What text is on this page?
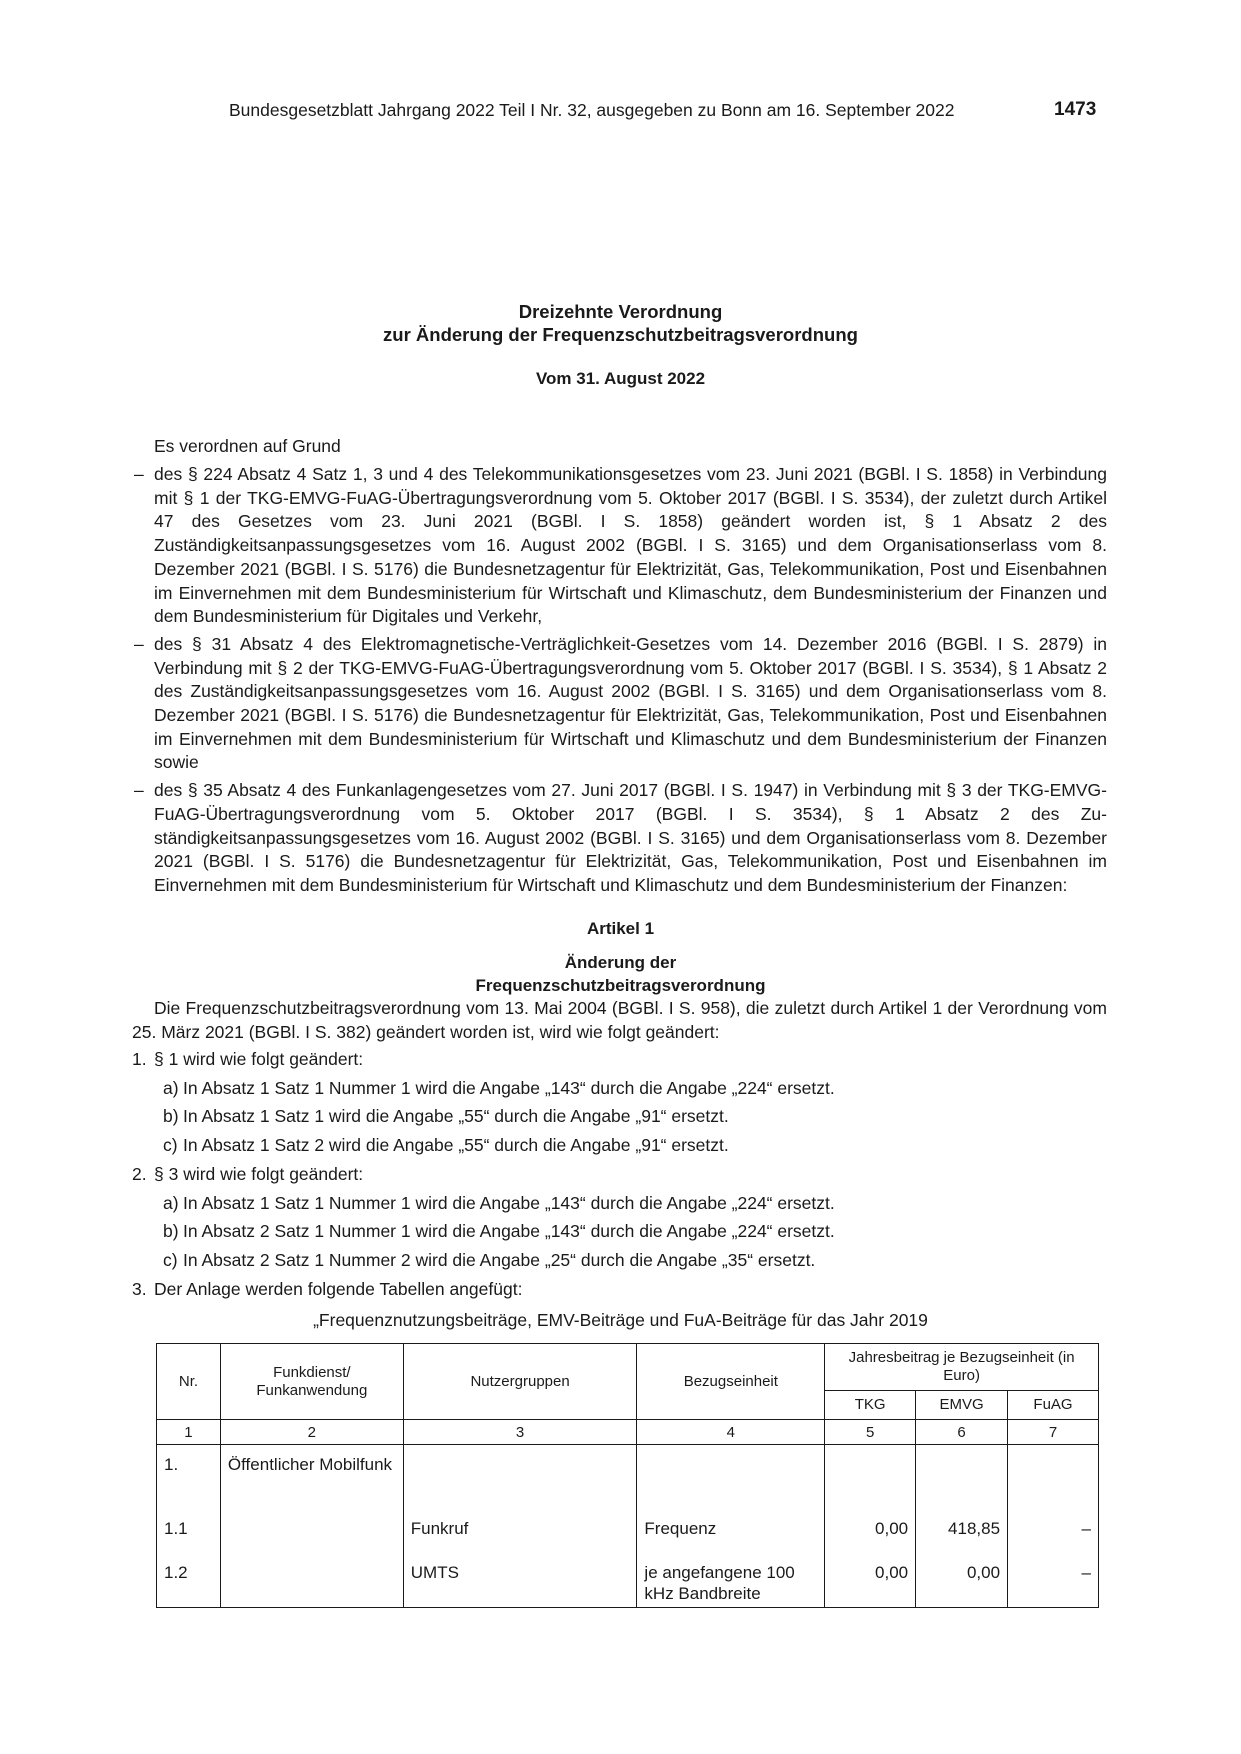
Bundesgesetzblatt Jahrgang 2022 Teil I Nr. 32, ausgegeben zu Bonn am 16. September 2022	1473
Dreizehnte Verordnung
zur Änderung der Frequenzschutzbeitragsverordnung
Vom 31. August 2022
Es verordnen auf Grund
– des § 224 Absatz 4 Satz 1, 3 und 4 des Telekommunikationsgesetzes vom 23. Juni 2021 (BGBl. I S. 1858) in Verbindung mit § 1 der TKG-EMVG-FuAG-Übertragungsverordnung vom 5. Oktober 2017 (BGBl. I S. 3534), der zuletzt durch Artikel 47 des Gesetzes vom 23. Juni 2021 (BGBl. I S. 1858) geändert worden ist, § 1 Absatz 2 des Zuständigkeitsanpassungsgesetzes vom 16. August 2002 (BGBl. I S. 3165) und dem Organisationserlass vom 8. Dezember 2021 (BGBl. I S. 5176) die Bundesnetzagentur für Elektrizität, Gas, Telekommunikation, Post und Eisenbahnen im Einvernehmen mit dem Bundesministerium für Wirtschaft und Klimaschutz, dem Bundesministerium der Finanzen und dem Bundesministerium für Digitales und Verkehr,
– des § 31 Absatz 4 des Elektromagnetische-Verträglichkeit-Gesetzes vom 14. Dezember 2016 (BGBl. I S. 2879) in Verbindung mit § 2 der TKG-EMVG-FuAG-Übertragungsverordnung vom 5. Oktober 2017 (BGBl. I S. 3534), § 1 Absatz 2 des Zuständigkeitsanpassungsgesetzes vom 16. August 2002 (BGBl. I S. 3165) und dem Organisationserlass vom 8. Dezember 2021 (BGBl. I S. 5176) die Bundesnetzagentur für Elektrizität, Gas, Telekommunikation, Post und Eisenbahnen im Einvernehmen mit dem Bundesministerium für Wirtschaft und Klimaschutz und dem Bundesministerium der Finanzen sowie
– des § 35 Absatz 4 des Funkanlagengesetzes vom 27. Juni 2017 (BGBl. I S. 1947) in Verbindung mit § 3 der TKG-EMVG-FuAG-Übertragungsverordnung vom 5. Oktober 2017 (BGBl. I S. 3534), § 1 Absatz 2 des Zuständigkeitsanpassungsgesetzes vom 16. August 2002 (BGBl. I S. 3165) und dem Organisationserlass vom 8. Dezember 2021 (BGBl. I S. 5176) die Bundesnetzagentur für Elektrizität, Gas, Telekommunikation, Post und Eisenbahnen im Einvernehmen mit dem Bundesministerium für Wirtschaft und Klimaschutz und dem Bundesministerium der Finanzen:
Artikel 1
Änderung der
Frequenzschutzbeitragsverordnung
Die Frequenzschutzbeitragsverordnung vom 13. Mai 2004 (BGBl. I S. 958), die zuletzt durch Artikel 1 der Verordnung vom 25. März 2021 (BGBl. I S. 382) geändert worden ist, wird wie folgt geändert:
1. § 1 wird wie folgt geändert:
a) In Absatz 1 Satz 1 Nummer 1 wird die Angabe „143“ durch die Angabe „224“ ersetzt.
b) In Absatz 1 Satz 1 wird die Angabe „55“ durch die Angabe „91“ ersetzt.
c) In Absatz 1 Satz 2 wird die Angabe „55“ durch die Angabe „91“ ersetzt.
2. § 3 wird wie folgt geändert:
a) In Absatz 1 Satz 1 Nummer 1 wird die Angabe „143“ durch die Angabe „224“ ersetzt.
b) In Absatz 2 Satz 1 Nummer 1 wird die Angabe „143“ durch die Angabe „224“ ersetzt.
c) In Absatz 2 Satz 1 Nummer 2 wird die Angabe „25“ durch die Angabe „35“ ersetzt.
3. Der Anlage werden folgende Tabellen angefügt:
„Frequenznutzungsbeiträge, EMV-Beiträge und FuA-Beiträge für das Jahr 2019
Nr.	Funkdienst/ Funkanwendung	Nutzergruppen	Bezugseinheit	Jahresbeitrag je Bezugseinheit (in Euro)		
				TKG	EMVG	FuAG
1	2	3	4	5	6	7

1.	Öffentlicher Mobilfunk					

1.1		Funkruf	Frequenz	0,00	418,85	–

1.2		UMTS	je angefangene 100 kHz Bandbreite	0,00	0,00	–
